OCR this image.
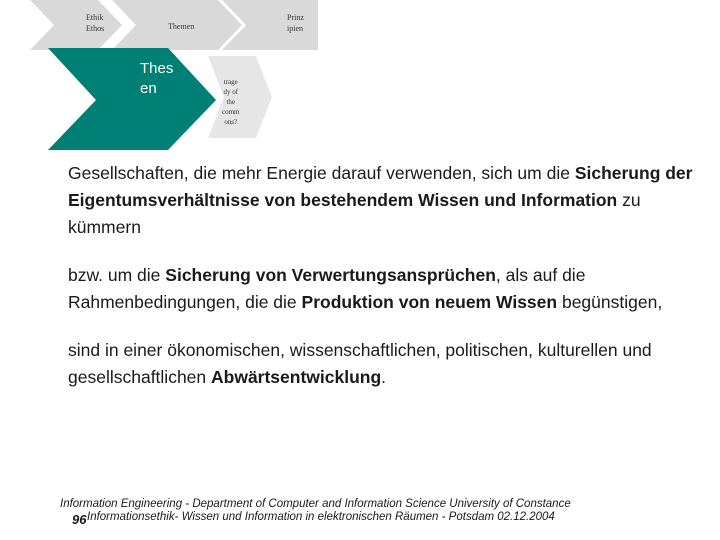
Ethik
Ethos	Themen
Prinz
ipien
Thes
en	trage
dy of
the
comm
ons?

Gesellschaften, die mehr Energie darauf verwenden, sich um die Sicherung der Eigentumsverhältnisse von bestehendem Wissen und Information zu kümmern

bzw. um die Sicherung von Verwertungsansprüchen, als auf die Rahmenbedingungen, die die Produktion von neuem Wissen begünstigen,

sind in einer ökonomischen, wissenschaftlichen, politischen, kulturellen und gesellschaftlichen Abwärtsentwicklung.

Information Engineering - Department of Computer and Information Science University of Constance
Informationsethik- Wissen und Information in elektronischen Räumen - Potsdam 02.12.2004
96
